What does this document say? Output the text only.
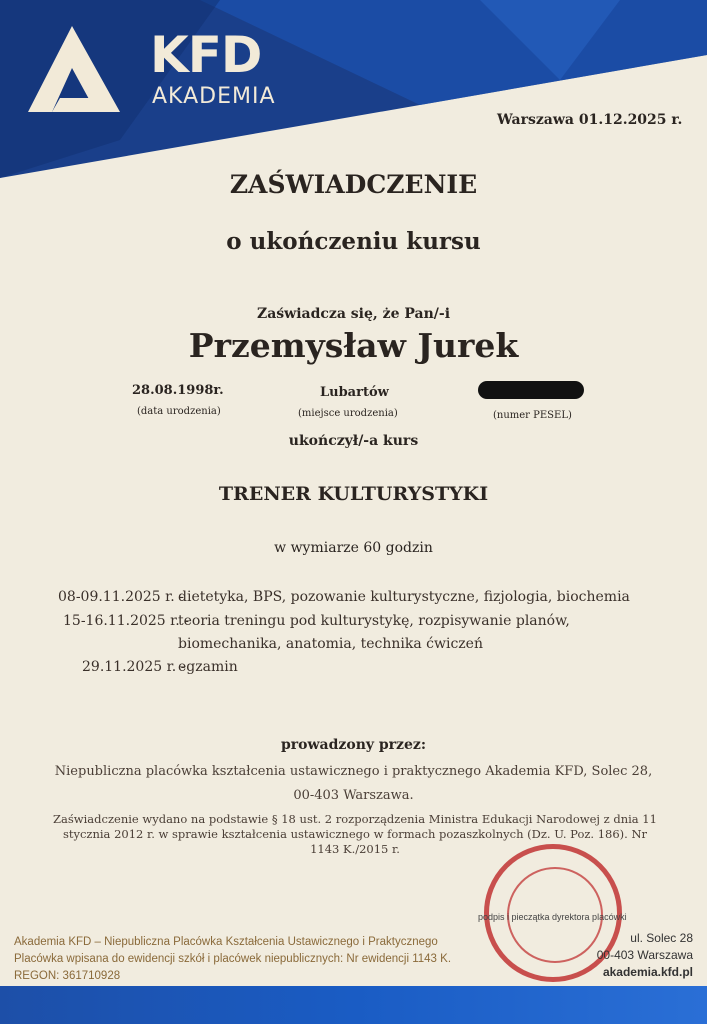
KFD
AKADEMIA
Warszawa 01.12.2025 r.
ZAŚWIADCZENIE
o ukończeniu kursu
Zaświadcza się, że Pan/-i
Przemysław Jurek
28.08.1998r.
(data urodzenia)
Lubartów
(miejsce urodzenia)	(numer PESEL)
ukończył/-a kurs
TRENER KULTURYSTYKI
w wymiarze 60 godzin
08-09.11.2025 r. -
dietetyka, BPS, pozowanie kulturystyczne, fizjologia, biochemia
15-16.11.2025 r. -
teoria treningu pod kulturystykę, rozpisywanie planów,
biomechanika, anatomia, technika ćwiczeń
29.11.2025 r. -
egzamin
prowadzony przez:
Niepubliczna placówka kształcenia ustawicznego i praktycznego Akademia KFD, Solec 28,
00-403 Warszawa.
Zaświadczenie wydano na podstawie § 18 ust. 2 rozporządzenia Ministra Edukacji Narodowej z dnia 11 stycznia 2012 r. w sprawie kształcenia ustawicznego w formach pozaszkolnych (Dz. U. Poz. 186). Nr 1143 K./2015 r.
podpis i pieczątka dyrektora placówki
Akademia KFD – Niepubliczna Placówka Kształcenia Ustawicznego i Praktycznego
Placówka wpisana do ewidencji szkół i placówek niepublicznych: Nr ewidencji 1143 K.
REGON: 361710928
ul. Solec 28
00-403 Warszawa
akademia.kfd.pl
